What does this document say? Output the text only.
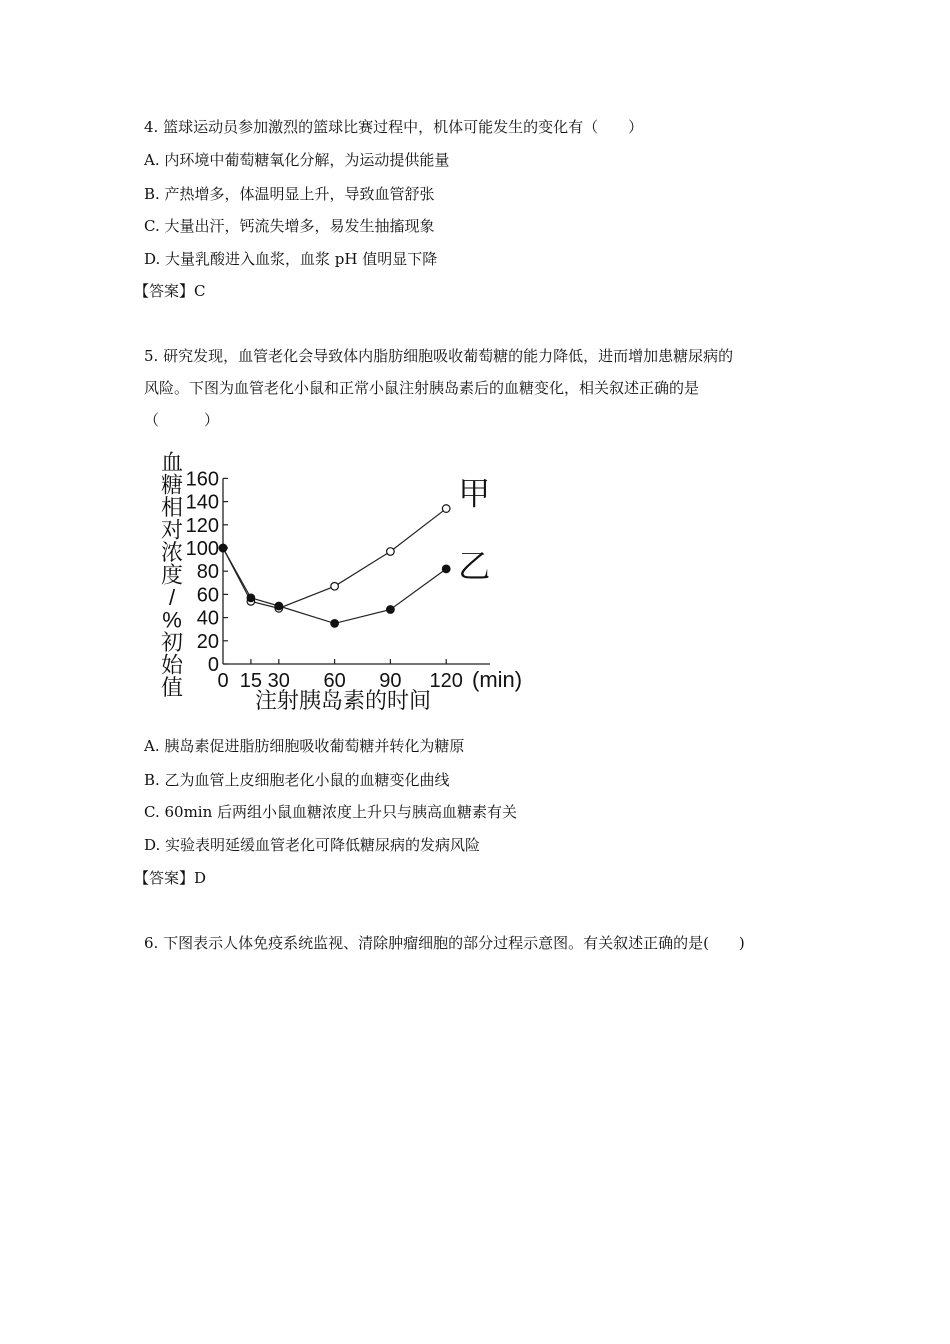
4. 篮球运动员参加激烈的篮球比赛过程中，机体可能发生的变化有（　　）
A. 内环境中葡萄糖氧化分解，为运动提供能量
B. 产热增多，体温明显上升，导致血管舒张
C. 大量出汗，钙流失增多，易发生抽搐现象
D. 大量乳酸进入血浆，血浆 pH 值明显下降
【答案】C
5. 研究发现，血管老化会导致体内脂肪细胞吸收葡萄糖的能力降低，进而增加患糖尿病的
风险。下图为血管老化小鼠和正常小鼠注射胰岛素后的血糖变化，相关叙述正确的是
（　　　）
0
20
40
60
80
100
120
140
160
0 15 30 60 90 120
甲
乙
血糖相对浓度/ %初始值
注射胰岛素的时间
(min)
A. 胰岛素促进脂肪细胞吸收葡萄糖并转化为糖原
B. 乙为血管上皮细胞老化小鼠的血糖变化曲线
C. 60min 后两组小鼠血糖浓度上升只与胰高血糖素有关
D. 实验表明延缓血管老化可降低糖尿病的发病风险
【答案】D
6. 下图表示人体免疫系统监视、清除肿瘤细胞的部分过程示意图。有关叙述正确的是(　　)
